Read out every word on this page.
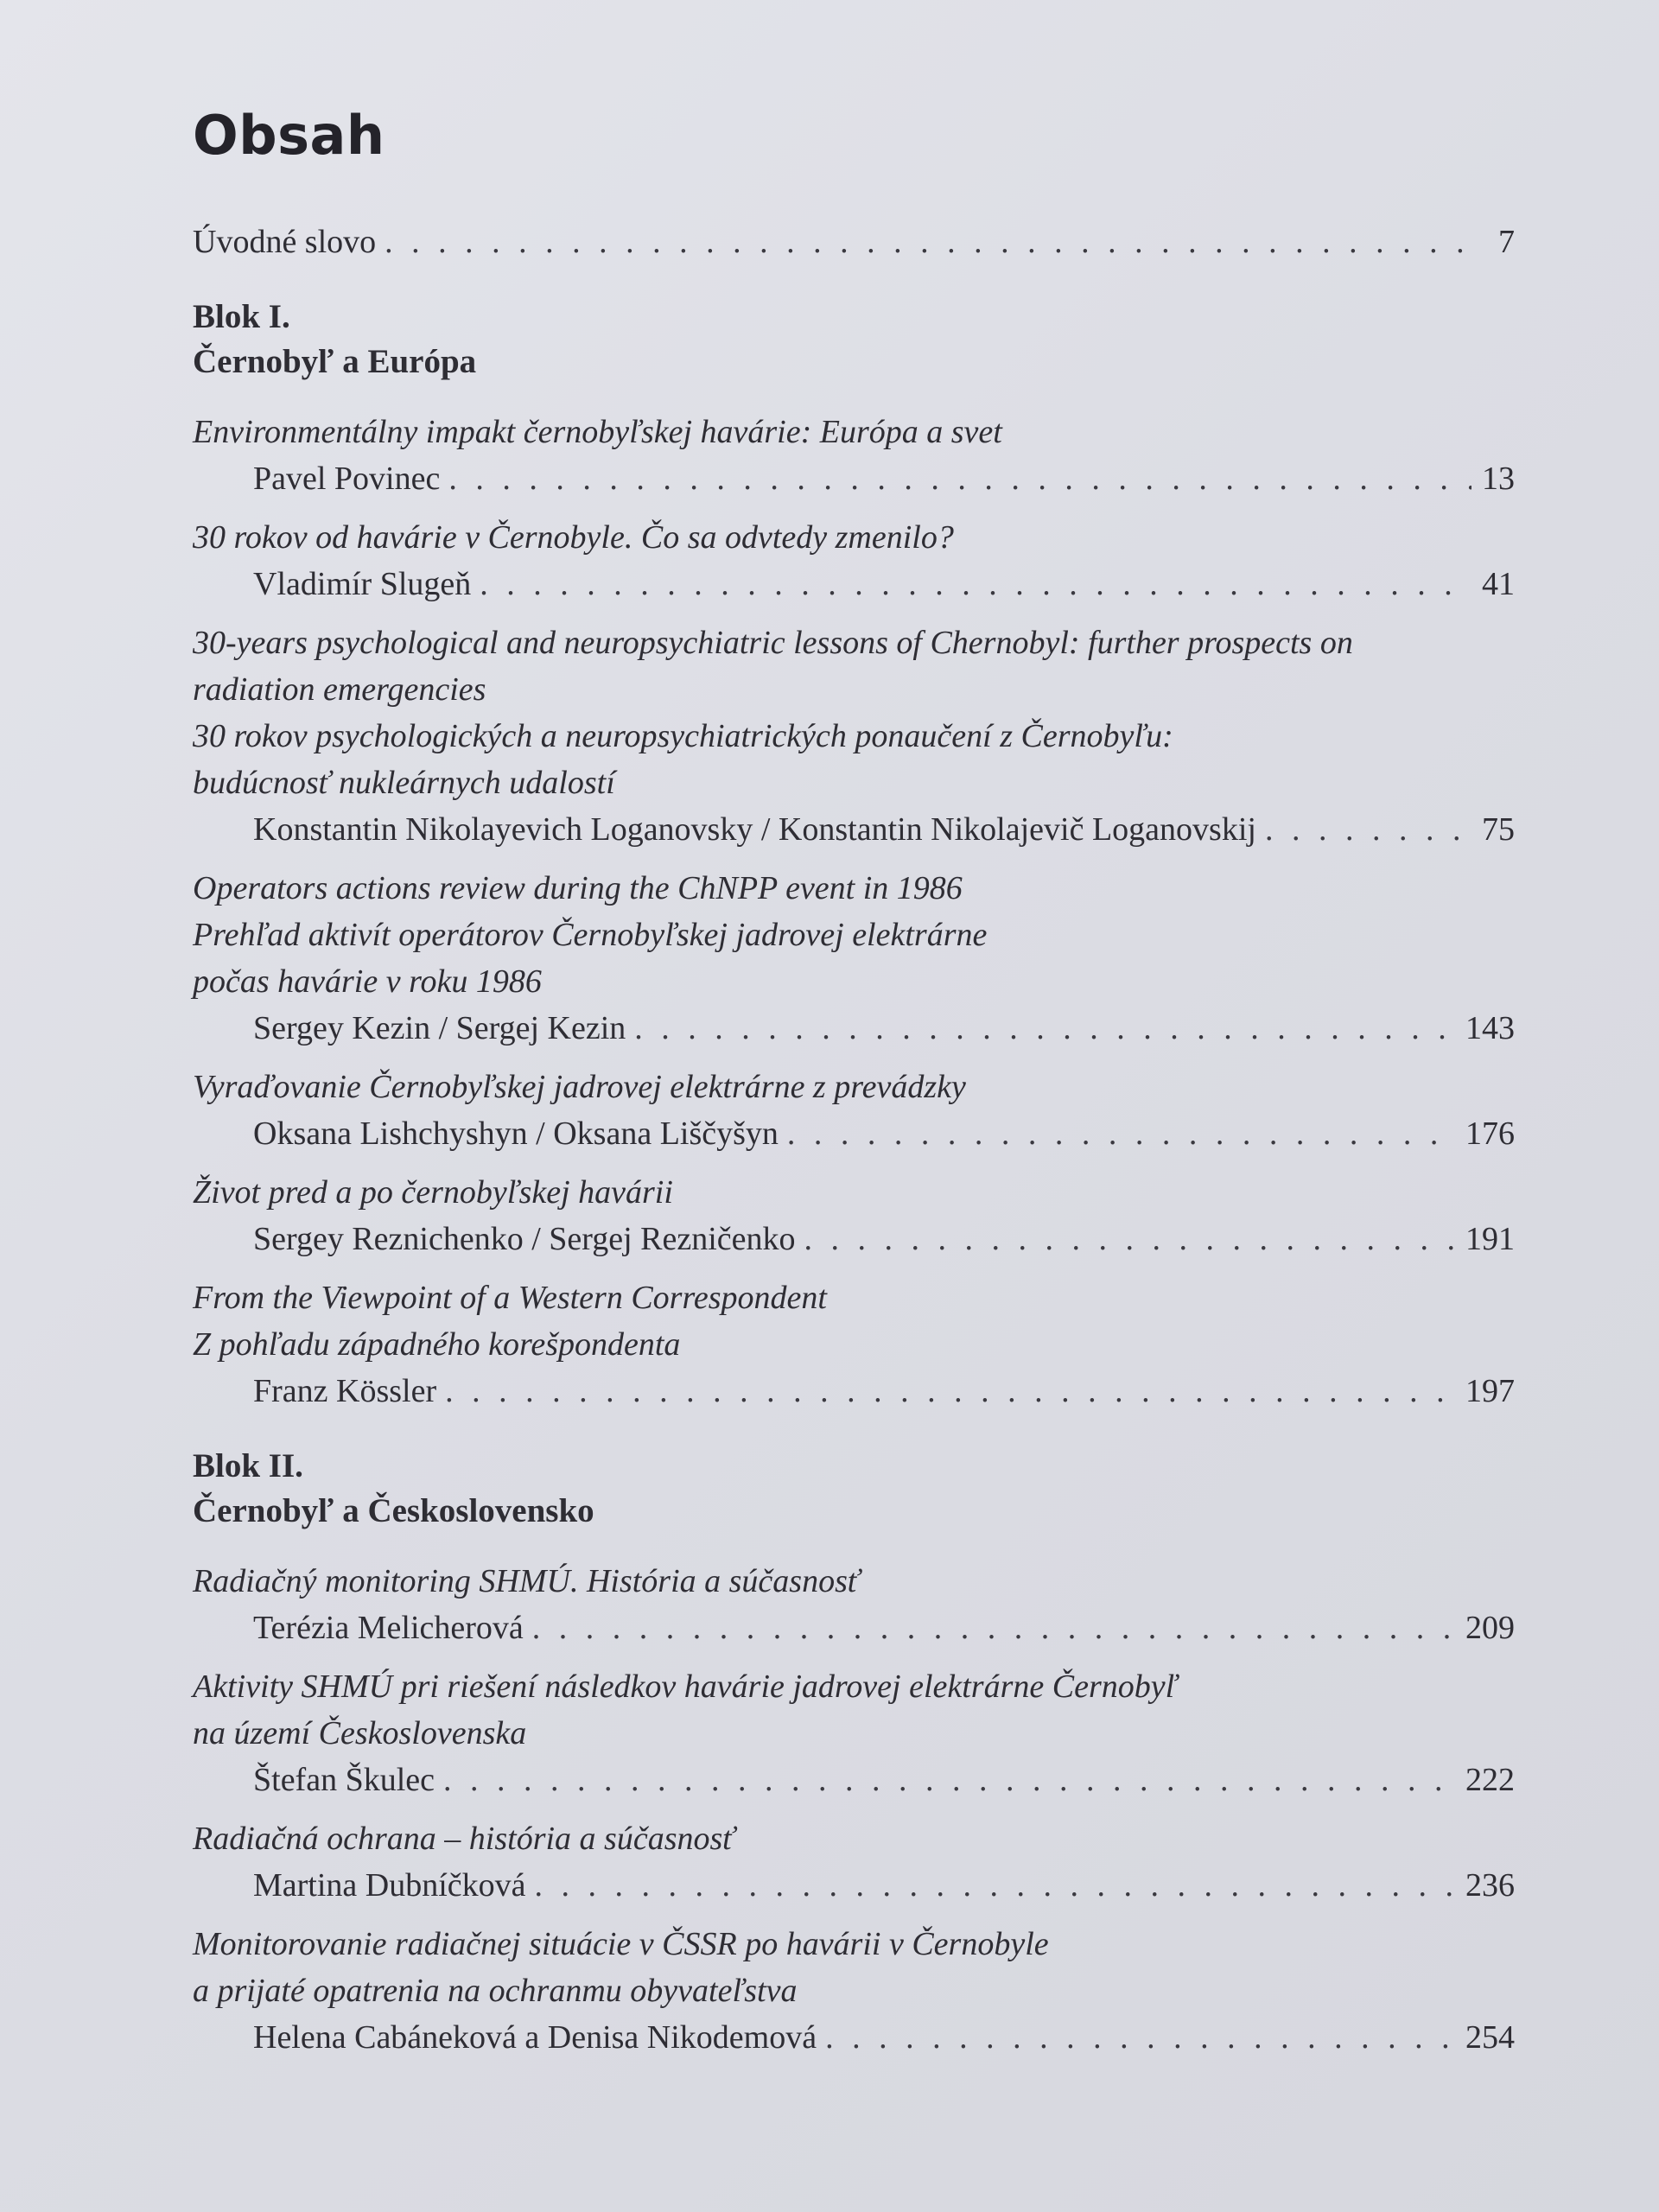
Obsah
Úvodné slovo . . .	7
Blok I.
Černobyľ a Európa
Environmentálny impakt černobyľskej havárie: Európa a svet
Pavel Povinec . . .	13
30 rokov od havárie v Černobyle. Čo sa odvtedy zmenilo?
Vladimír Slugeň . . .	41
30-years psychological and neuropsychiatric lessons of Chernobyl: further prospects on
radiation emergencies
30 rokov psychologických a neuropsychiatrických ponaučení z Černobyľu:
budúcnosť nukleárnych udalostí
Konstantin Nikolayevich Loganovsky / Konstantin Nikolajevič Loganovskij . . .	75
Operators actions review during the ChNPP event in 1986
Prehľad aktivít operátorov Černobyľskej jadrovej elektrárne
počas havárie v roku 1986
Sergey Kezin / Sergej Kezin . . .	143
Vyraďovanie Černobyľskej jadrovej elektrárne z prevádzky
Oksana Lishchyshyn / Oksana Liščyšyn . . .	176
Život pred a po černobyľskej havárii
Sergey Reznichenko / Sergej Rezničenko . . .	191
From the Viewpoint of a Western Correspondent
Z pohľadu západného korešpondenta
Franz Kössler . . .	197
Blok II.
Černobyľ a Československo
Radiačný monitoring SHMÚ. História a súčasnosť
Terézia Melicherová . . .	209
Aktivity SHMÚ pri riešení následkov havárie jadrovej elektrárne Černobyľ
na území Československa
Štefan Škulec . . .	222
Radiačná ochrana – história a súčasnosť
Martina Dubníčková . . .	236
Monitorovanie radiačnej situácie v ČSSR po havárii v Černobyle
a prijaté opatrenia na ochranmu obyvateľstva
Helena Cabáneková a Denisa Nikodemová . . .	254
